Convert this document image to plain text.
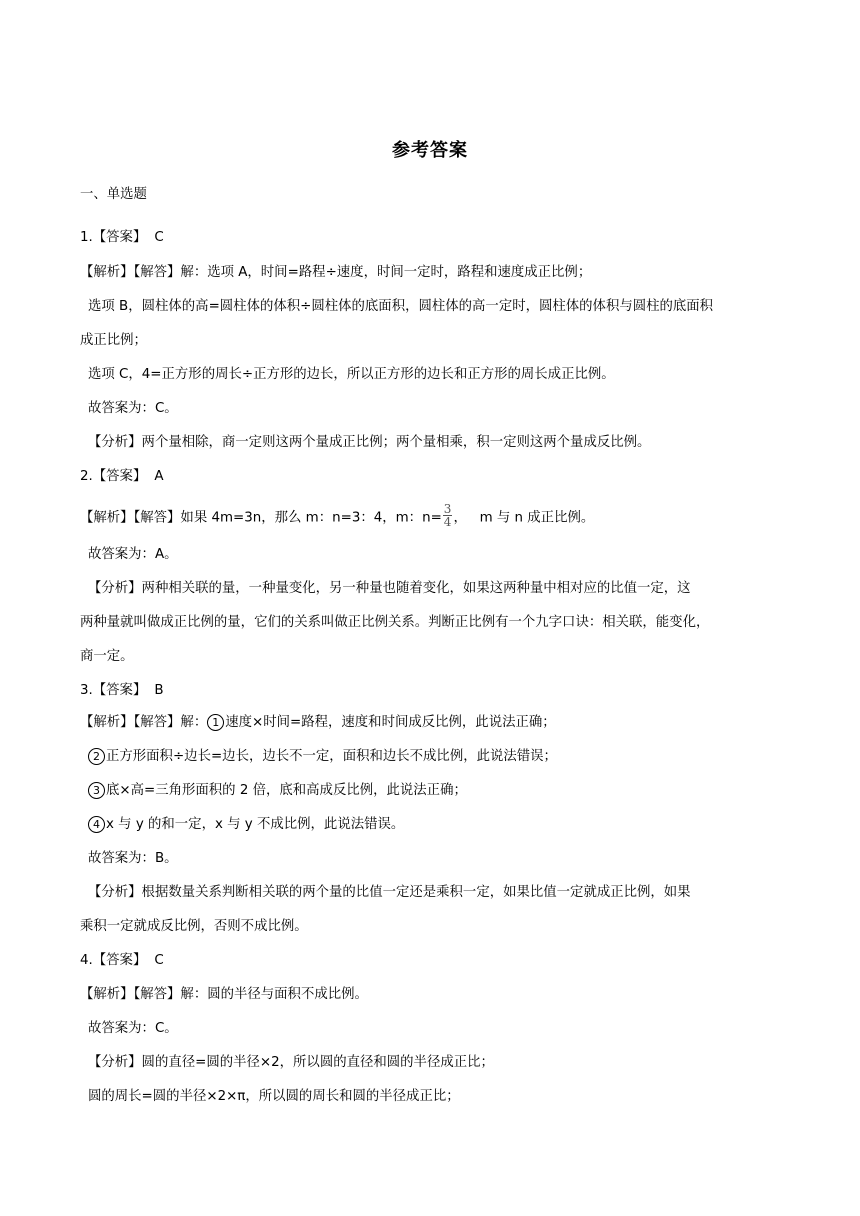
参考答案
一、单选题
1.【答案】 C
【解析】【解答】解：选项 A，时间=路程÷速度，时间一定时，路程和速度成正比例；
选项 B，圆柱体的高=圆柱体的体积÷圆柱体的底面积，圆柱体的高一定时，圆柱体的体积与圆柱的底面积
成正比例；
选项 C，4=正方形的周长÷正方形的边长，所以正方形的边长和正方形的周长成正比例。
故答案为：C。
【分析】两个量相除，商一定则这两个量成正比例；两个量相乘，积一定则这两个量成反比例。
2.【答案】 A
【解析】【解答】如果 4m=3n，那么 m：n=3：4，m：$n= \frac{3}{4}$ ，   m 与 n 成正比例。
故答案为：A。
【分析】两种相关联的量，一种量变化，另一种量也随着变化，如果这两种量中相对应的比值一定，这
两种量就叫做成正比例的量，它们的关系叫做正比例关系。判断正比例有一个九字口诀：相关联，能变化，
商一定。
3.【答案】 B
【解析】【解答】解： 1 速度×时间=路程，速度和时间成反比例，此说法正确；
2 正方形面积÷边长=边长，边长不一定，面积和边长不成比例，此说法错误；
3 底×高=三角形面积的 2 倍，底和高成反比例，此说法正确；
4 x 与 y 的和一定，x 与 y 不成比例，此说法错误。
故答案为：B。
【分析】根据数量关系判断相关联的两个量的比值一定还是乘积一定，如果比值一定就成正比例，如果
乘积一定就成反比例，否则不成比例。
4.【答案】 C
【解析】【解答】解：圆的半径与面积不成比例。
故答案为：C。
【分析】圆的直径=圆的半径×2，所以圆的直径和圆的半径成正比；
圆的周长=圆的半径×2×π，所以圆的周长和圆的半径成正比；
